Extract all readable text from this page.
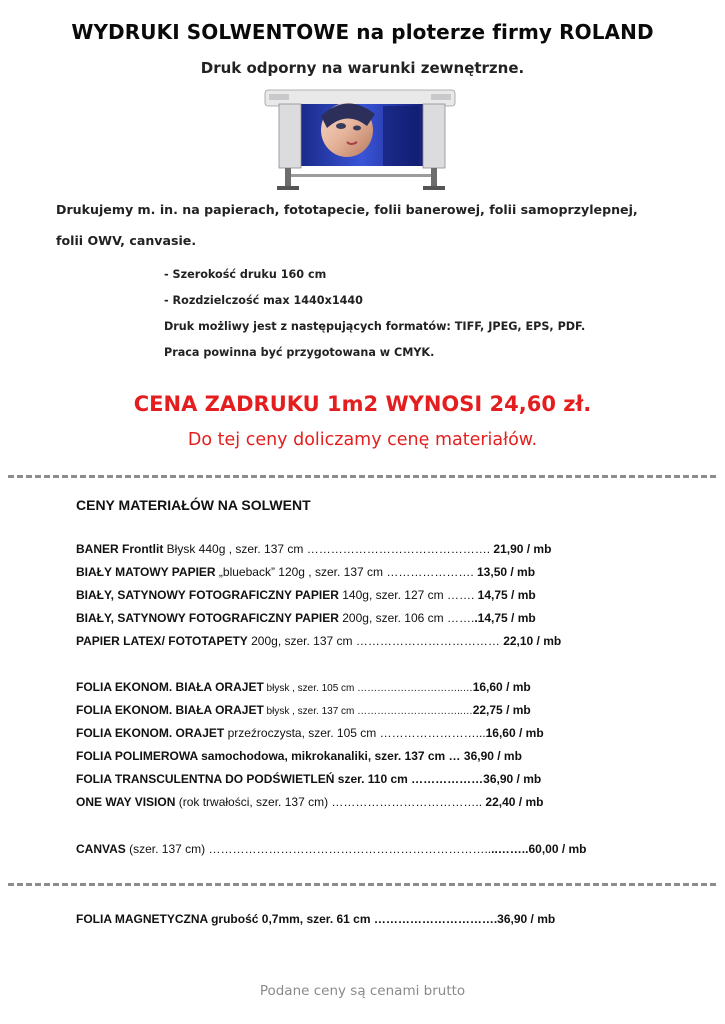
WYDRUKI SOLWENTOWE na ploterze firmy ROLAND
Druk odporny na warunki zewnętrzne.
Drukujemy m. in. na papierach, fototapecie, folii banerowej, folii samoprzylepnej,
folii OWV, canvasie.
- Szerokość druku 160 cm
- Rozdzielczość max 1440x1440
Druk możliwy jest z następujących formatów: TIFF, JPEG, EPS, PDF.
Praca powinna być przygotowana w CMYK.
CENA ZADRUKU 1m2 WYNOSI 24,60 zł.
Do tej ceny doliczamy cenę materiałów.
CENY MATERIAŁÓW NA SOLWENT
BANER Frontlit Błysk 440g , szer. 137 cm ………………………………………. 21,90 / mb
BIAŁY MATOWY PAPIER „blueback” 120g , szer. 137 cm …………………. 13,50 / mb
BIAŁY, SATYNOWY FOTOGRAFICZNY PAPIER 140g, szer. 127 cm ……. 14,75 / mb
BIAŁY, SATYNOWY FOTOGRAFICZNY PAPIER 200g, szer. 106 cm ……..14,75 / mb
PAPIER LATEX/ FOTOTAPETY 200g, szer. 137 cm ……………………………… 22,10 / mb
FOLIA EKONOM. BIAŁA ORAJET błysk , szer. 105 cm …………………………..…16,60 / mb
FOLIA EKONOM. BIAŁA ORAJET błysk , szer. 137 cm …………………………..…22,75 / mb
FOLIA EKONOM. ORAJET przeźroczysta, szer. 105 cm ……………………...16,60 / mb
FOLIA POLIMEROWA samochodowa, mikrokanaliki, szer. 137 cm … 36,90 / mb
FOLIA TRANSCULENTNA DO PODŚWIETLEŃ szer. 110 cm ………………36,90 / mb
ONE WAY VISION (rok trwałości, szer. 137 cm) ……………………………….. 22,40 / mb
CANVAS (szer. 137 cm) ……………………………………………………………....……..60,00 / mb
FOLIA MAGNETYCZNA grubość 0,7mm, szer. 61 cm ………………………….36,90 / mb
Podane ceny są cenami brutto
